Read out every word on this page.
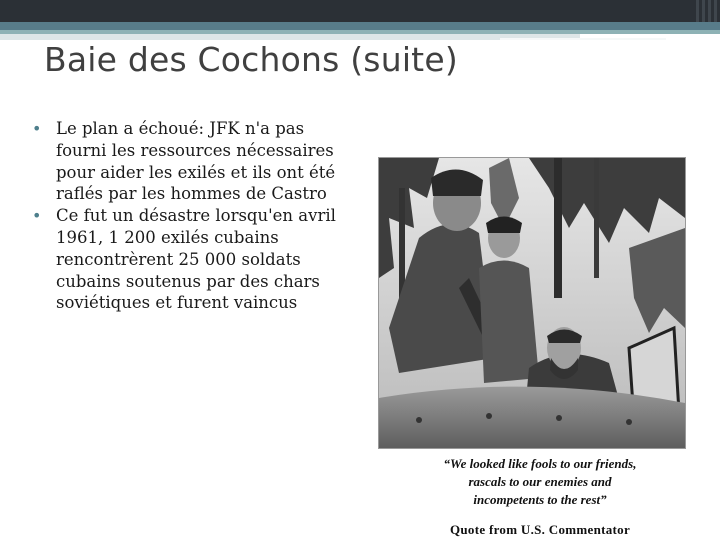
Baie des Cochons (suite)
• Le plan a échoué: JFK n'a pas
fourni les ressources nécessaires
pour aider les exilés et ils ont été
raflés par les hommes de Castro
• Ce fut un désastre lorsqu'en avril
1961, 1 200 exilés cubains
rencontrèrent 25 000 soldats
cubains soutenus par des chars
soviétiques et furent vaincus

“We looked like fools to our friends,
rascals to our enemies and
incompetents to the rest”

Quote from U.S. Commentator
